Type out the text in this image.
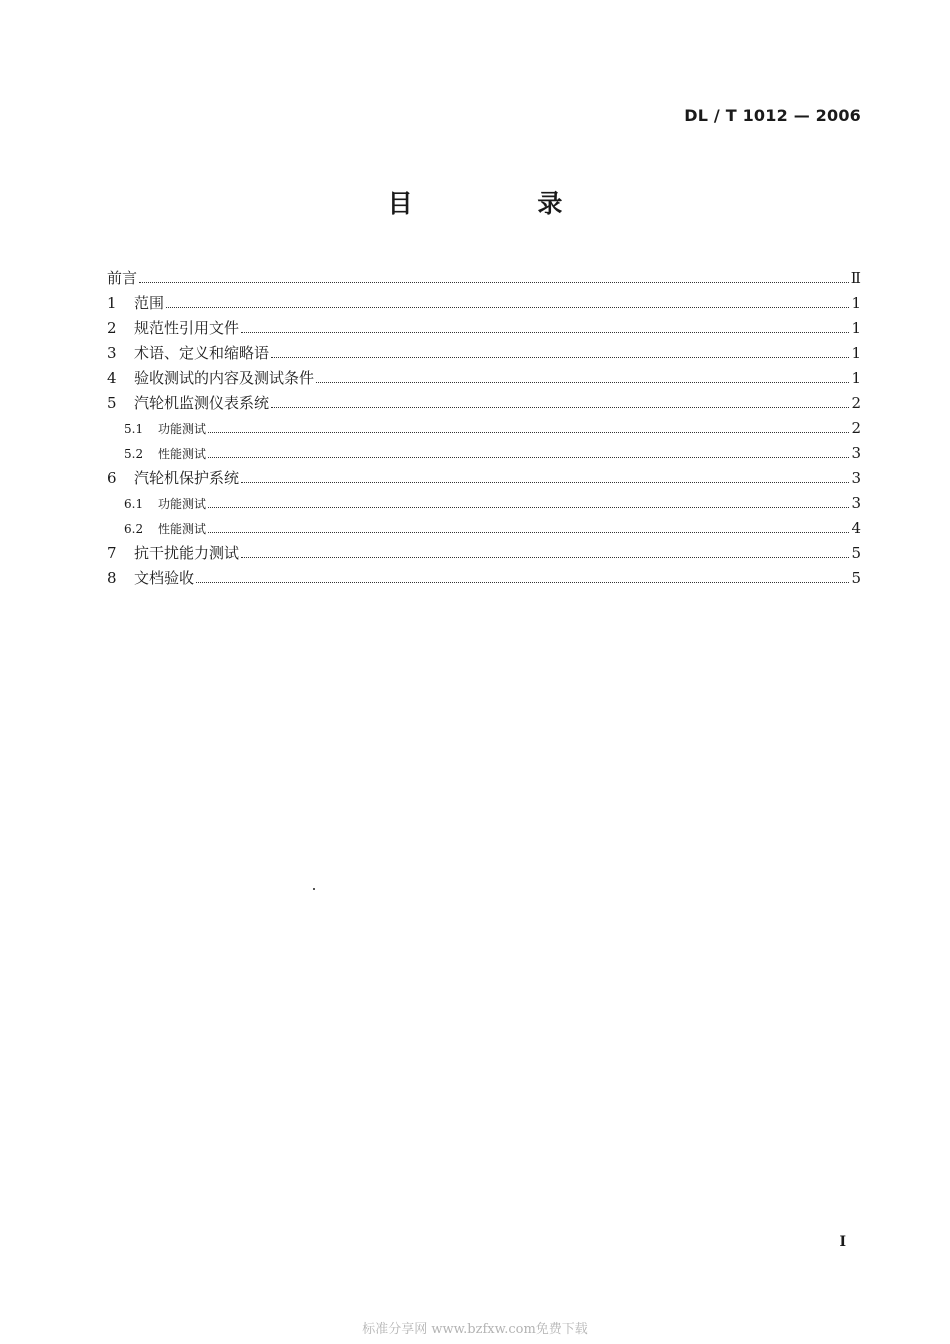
DL / T 1012 — 2006
目 录
前言	Ⅱ
1	范围	1
2	规范性引用文件	1
3	术语、定义和缩略语	1
4	验收测试的内容及测试条件	1
5	汽轮机监测仪表系统	2
5.1	功能测试	2
5.2	性能测试	3
6	汽轮机保护系统	3
6.1	功能测试	3
6.2	性能测试	4
7	抗干扰能力测试	5
8	文档验收	5
I
标准分享网 www.bzfxw.com免费下载
